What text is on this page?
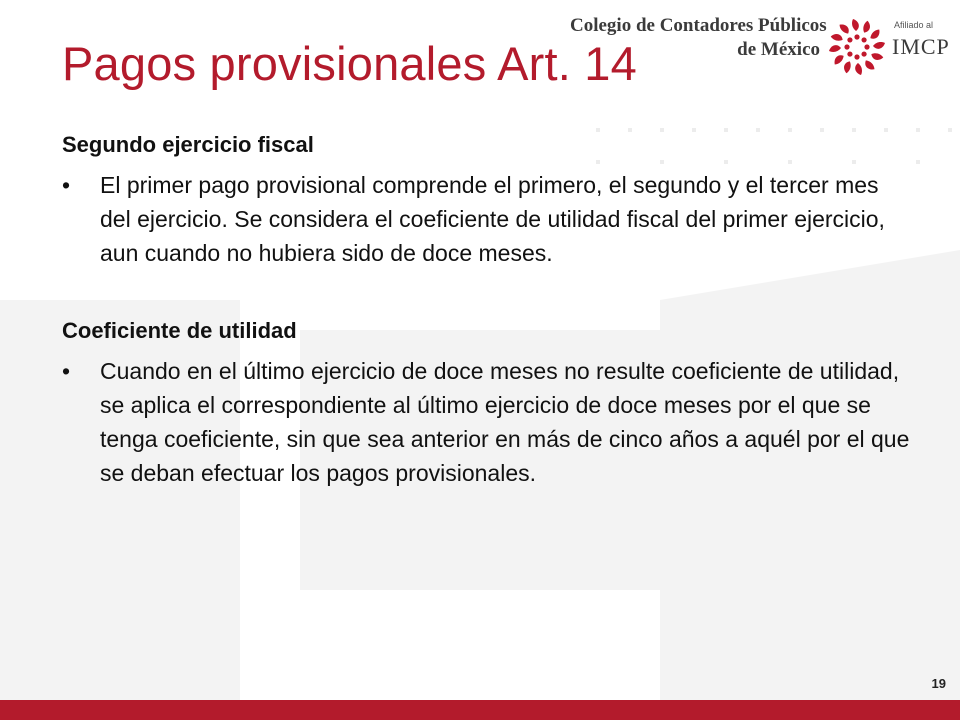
Pagos provisionales Art. 14
Colegio de Contadores Públicos
de México
Afiliado al
IMCP
Segundo ejercicio fiscal

• El primer pago provisional comprende el primero, el segundo y el tercer mes del ejercicio. Se considera el coeficiente de utilidad fiscal del primer ejercicio, aun cuando no hubiera sido de doce meses.

Coeficiente de utilidad

• Cuando en el último ejercicio de doce meses no resulte coeficiente de utilidad, se aplica el correspondiente al último ejercicio de doce meses por el que se tenga coeficiente, sin que sea anterior en más de cinco años a aquél por el que se deban efectuar los pagos provisionales.

19
